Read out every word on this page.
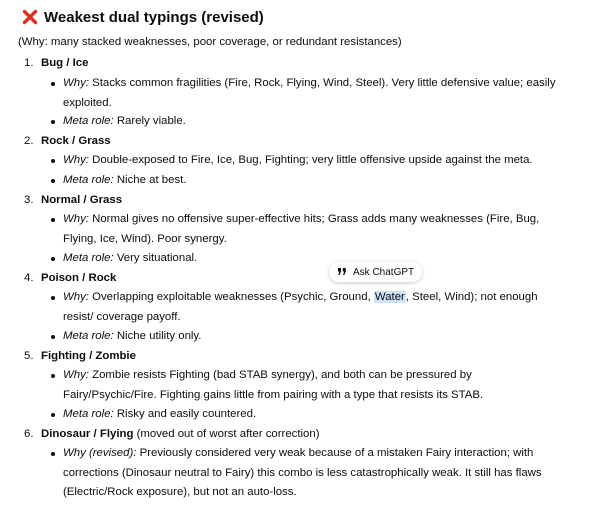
Weakest dual typings (revised)
(Why: many stacked weaknesses, poor coverage, or redundant resistances)
1. Bug / Ice
Why: Stacks common fragilities (Fire, Rock, Flying, Wind, Steel). Very little defensive value; easily exploited.
Meta role: Rarely viable.
2. Rock / Grass
Why: Double-exposed to Fire, Ice, Bug, Fighting; very little offensive upside against the meta.
Meta role: Niche at best.
3. Normal / Grass
Why: Normal gives no offensive super-effective hits; Grass adds many weaknesses (Fire, Bug, Flying, Ice, Wind). Poor synergy.
Meta role: Very situational.
4. Poison / Rock
Why: Overlapping exploitable weaknesses (Psychic, Ground, Water, Steel, Wind); not enough resist/ coverage payoff.
Meta role: Niche utility only.
5. Fighting / Zombie
Why: Zombie resists Fighting (bad STAB synergy), and both can be pressured by Fairy/Psychic/Fire. Fighting gains little from pairing with a type that resists its STAB.
Meta role: Risky and easily countered.
6. Dinosaur / Flying (moved out of worst after correction)
Why (revised): Previously considered very weak because of a mistaken Fairy interaction; with corrections (Dinosaur neutral to Fairy) this combo is less catastrophically weak. It still has flaws (Electric/Rock exposure), but not an auto-loss.
Ask ChatGPT
